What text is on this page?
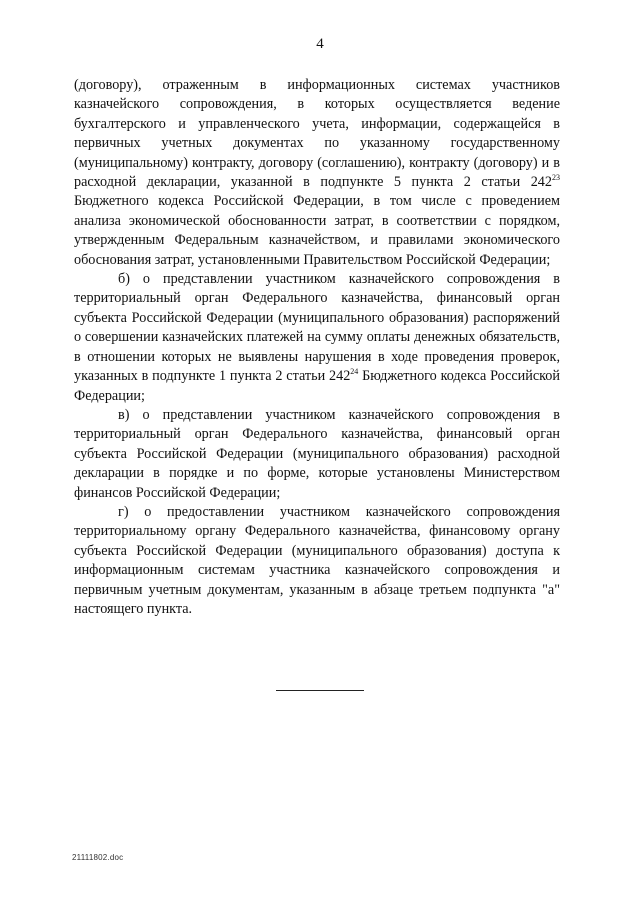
4

(договору), отраженным в информационных системах участников казначейского сопровождения, в которых осуществляется ведение бухгалтерского и управленческого учета, информации, содержащейся в первичных учетных документах по указанному государственному (муниципальному) контракту, договору (соглашению), контракту (договору) и в расходной декларации, указанной в подпункте 5 пункта 2 статьи $242^{23}$ Бюджетного кодекса Российской Федерации, в том числе с проведением анализа экономической обоснованности затрат, в соответствии с порядком, утвержденным Федеральным казначейством, и правилами экономического обоснования затрат, установленными Правительством Российской Федерации;

б) о представлении участником казначейского сопровождения в территориальный орган Федерального казначейства, финансовый орган субъекта Российской Федерации (муниципального образования) распоряжений о совершении казначейских платежей на сумму оплаты денежных обязательств, в отношении которых не выявлены нарушения в ходе проведения проверок, указанных в подпункте 1 пункта 2 статьи $242^{24}$ Бюджетного кодекса Российской Федерации;

в) о представлении участником казначейского сопровождения в территориальный орган Федерального казначейства, финансовый орган субъекта Российской Федерации (муниципального образования) расходной декларации в порядке и по форме, которые установлены Министерством финансов Российской Федерации;

г) о предоставлении участником казначейского сопровождения территориальному органу Федерального казначейства, финансовому органу субъекта Российской Федерации (муниципального образования) доступа к информационным системам участника казначейского сопровождения и первичным учетным документам, указанным в абзаце третьем подпункта "а" настоящего пункта.

21111802.doc
